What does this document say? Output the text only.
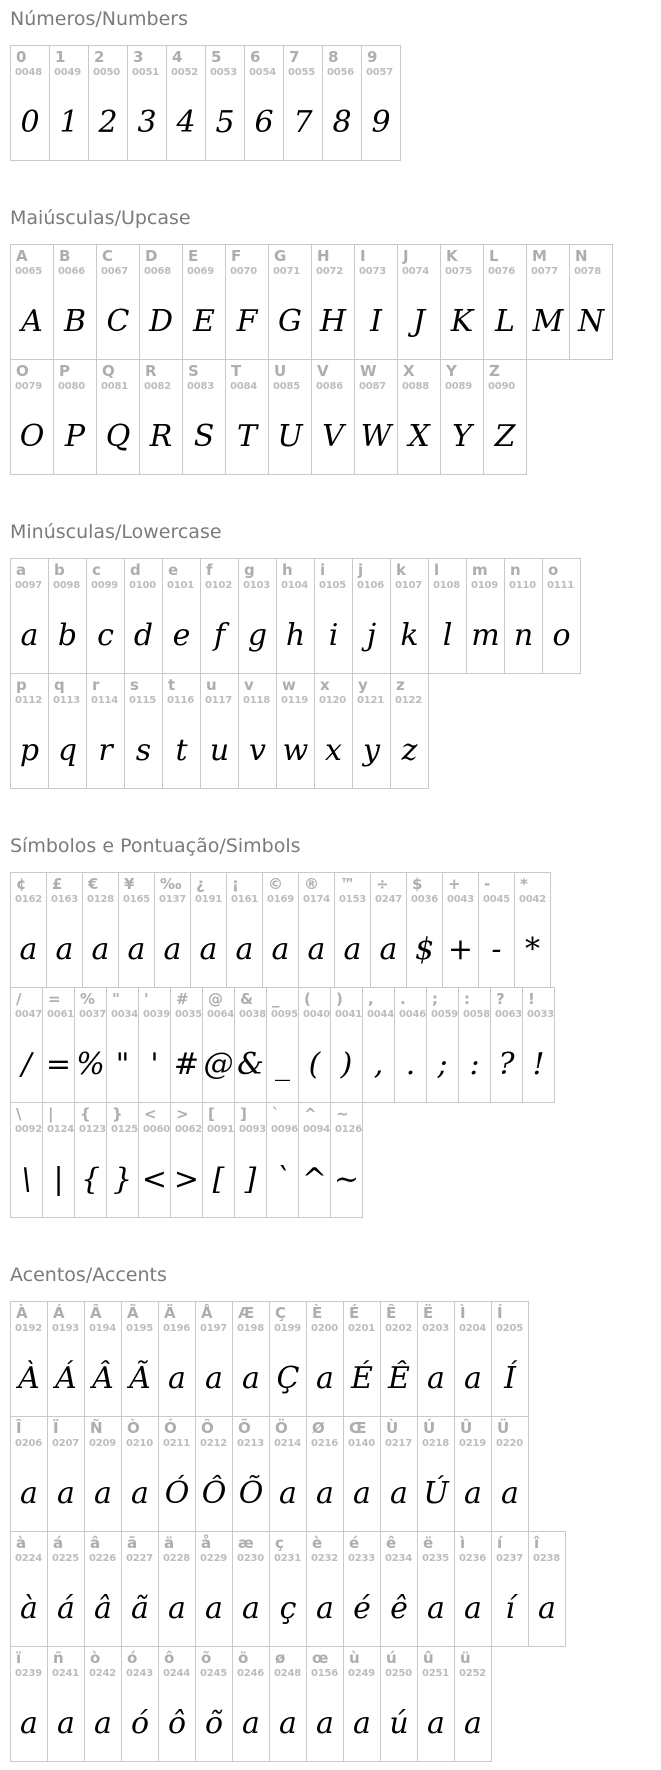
Números/Numbers
0
0048
0
1
0049
1
2
0050
2
3
0051
3
4
0052
4
5
0053
5
6
0054
6
7
0055
7
8
0056
8
9
0057
9
Maiúsculas/Upcase
A
0065
A
B
0066
B
C
0067
C
D
0068
D
E
0069
E
F
0070
F
G
0071
G
H
0072
H
I
0073
I
J
0074
J
K
0075
K
L
0076
L
M
0077
M
N
0078
N
O
0079
O
P
0080
P
Q
0081
Q
R
0082
R
S
0083
S
T
0084
T
U
0085
U
V
0086
V
W
0087
W
X
0088
X
Y
0089
Y
Z
0090
Z
Minúsculas/Lowercase
a
0097
a
b
0098
b
c
0099
c
d
0100
d
e
0101
e
f
0102
f
g
0103
g
h
0104
h
i
0105
i
j
0106
j
k
0107
k
l
0108
l
m
0109
m
n
0110
n
o
0111
o
p
0112
p
q
0113
q
r
0114
r
s
0115
s
t
0116
t
u
0117
u
v
0118
v
w
0119
w
x
0120
x
y
0121
y
z
0122
z
Símbolos e Pontuação/Simbols
¢
0162
a
£
0163
a
€
0128
a
¥
0165
a
‰
0137
a
¿
0191
a
¡
0161
a
©
0169
a
®
0174
a
™
0153
a
÷
0247
a
$
0036
$
+
0043
+
-
0045
-
*
0042
*
/
0047
/
=
0061
=
%
0037
%
"
0034
"
'
0039
'
#
0035
#
@
0064
@
&
0038
&
_
0095
_
(
0040
(
)
0041
)
,
0044
,
.
0046
.
;
0059
;
:
0058
:
?
0063
?
!
0033
!
\
0092
\
|
0124
|
{
0123
{
}
0125
}
<
0060
<
>
0062
>
[
0091
[
]
0093
]
`
0096
`
^
0094
^
~
0126
~
Acentos/Accents
À
0192
À
Á
0193
Á
Â
0194
Â
Ã
0195
Ã
Ä
0196
a
Å
0197
a
Æ
0198
a
Ç
0199
Ç
È
0200
a
É
0201
É
Ê
0202
Ê
Ë
0203
a
Ì
0204
a
Í
0205
Í
Î
0206
a
Ï
0207
a
Ñ
0209
a
Ò
0210
a
Ó
0211
Ó
Ô
0212
Ô
Õ
0213
Õ
Ö
0214
a
Ø
0216
a
Œ
0140
a
Ù
0217
a
Ú
0218
Ú
Û
0219
a
Ü
0220
a
à
0224
à
á
0225
á
â
0226
â
ã
0227
ã
ä
0228
a
å
0229
a
æ
0230
a
ç
0231
ç
è
0232
a
é
0233
é
ê
0234
ê
ë
0235
a
ì
0236
a
í
0237
í
î
0238
a
ï
0239
a
ñ
0241
a
ò
0242
a
ó
0243
ó
ô
0244
ô
õ
0245
õ
ö
0246
a
ø
0248
a
œ
0156
a
ù
0249
a
ú
0250
ú
û
0251
a
ü
0252
a
